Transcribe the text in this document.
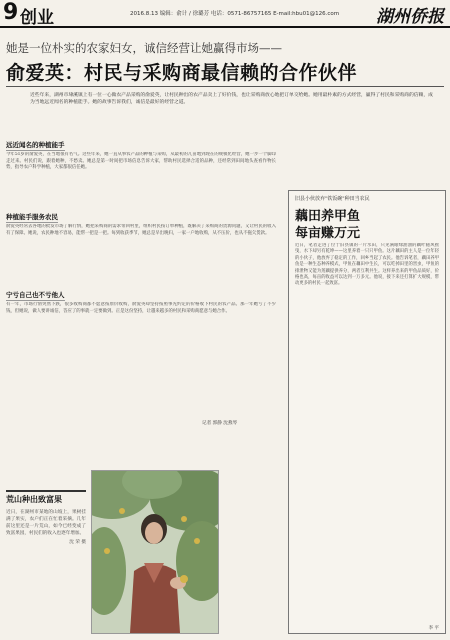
9 创业	2016.8.13 编辑：俞计 / 徐璐芳 电话：0571-86757165 E-mail:hbu01@126.com 湖州侨报
她是一位朴实的农家妇女，诚信经营让她赢得市场——
俞爱英：村民与采购商最信赖的合作伙伴
近些年来，湖州市埭溪镇上有一位一心做农产品采购的俞爱英，让村民种出的农产品卖上了好价钱，也让采购商放心地把订单交给她。她用最朴素的方式经营，赢得了村民和采购商的信赖，成为当地远近闻名的种植能手。她的故事告诉我们，诚信是最好的经营之道。
远近闻名的种植能手
今年51岁的俞爱英，在当地很有名气。这些年来，她一直从事农产品的种植与采购，从最初的几亩地到现在的规模化经营，她一步一个脚印走过来。村民们说，跟着她种，不愁卖。她总是第一时间把市场信息告诉大家，帮助村民选择合适的品种，还经常到田间地头查看作物长势，指导农户科学种植，大家都很信任她。
种植能手服务农民
俞爱英经常去各地的批发市场了解行情，她把采购商的需求带回村里，组织村民按订单种植，既解决了采购商的货源问题，又让村民的收入有了保障。她说，农民种地不容易，能帮一把是一把。每到收获季节，她总是早出晚归，一家一户地收购，从不压价，也从不拖欠货款。
宁亏自己也不亏他人
有一年，市场行情突然下跌，很多收购商都不愿意按原价收购，俞爱英却坚持按照事先约定的价格收下村民的农产品。那一年她亏了不少钱，但她说，做人要讲诚信，答应了的事就一定要做到。正是这份坚持，让越来越多的村民和采购商愿意与她合作。
记者 郭静 沈燕琴
旧县小伙放弃"铁饭碗"种田当农民
藕田养甲鱼
每亩赚万元
近日，笔者走进了位于旧县镇的一片水田，只见满眼绿油油的藕叶随风摇曳，水下却另有乾坤——这里养着一只只甲鱼。这片藕田的主人是一位年轻的小伙子，他放弃了稳定的工作，回乡当起了农民。他告诉笔者，藕田养甲鱼是一种生态种养模式，甲鱼在藕田中生长，可以吃掉田里的害虫，甲鱼的排泄物又能为莲藕提供养分，两者互利共生。这样养出来的甲鱼品质好，价格也高，每亩的收益可以达到一万多元。他说，接下来还打算扩大规模，带动更多的村民一起致富。
李 平
荒山种出致富果
近日，在湖州市某地的山坡上，果树挂满了果实，农户们正在忙着采摘。几年前这里还是一片荒山，如今已经变成了致富果园，村民们的收入也逐年增加。
沈 荣 摄
